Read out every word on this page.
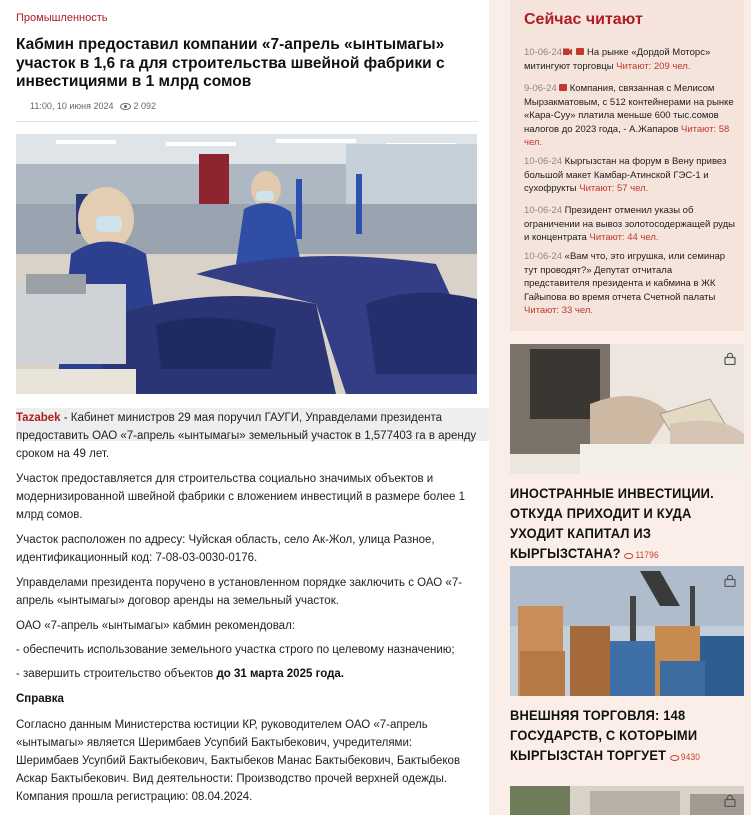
Промышленность
Кабмин предоставил компании «7-апрель «ынтымагы» участок в 1,6 га для строительства швейной фабрики с инвестициями в 1 млрд сомов
11:00, 10 июня 2024 2 092

Tazabek - Кабинет министров 29 мая поручил ГАУГИ, Управделами президента предоставить ОАО «7-апрель «ынтымагы» земельный участок в 1,577403 га в аренду сроком на 49 лет.

Участок предоставляется для строительства социально значимых объектов и модернизированной швейной фабрики с вложением инвестиций в размере более 1 млрд сомов.

Участок расположен по адресу: Чуйская область, село Ак-Жол, улица Разное, идентификационный код: 7-08-03-0030-0176.

Управделами президента поручено в установленном порядке заключить с ОАО «7-апрель «ынтымагы» договор аренды на земельный участок.

ОАО «7-апрель «ынтымагы» кабмин рекомендовал:

- обеспечить использование земельного участка строго по целевому назначению;

- завершить строительство объектов до 31 марта 2025 года.

Справка

Согласно данным Министерства юстиции КР, руководителем ОАО «7-апрель «ынтымагы» является Шеримбаев Усупбий Бактыбекович, учредителями: Шеримбаев Усупбий Бактыбекович, Бактыбеков Манас Бактыбекович, Бактыбеков Аскар Бактыбекович. Вид деятельности: Производство прочей верхней одежды. Компания прошла регистрацию: 08.04.2024.

Сейчас читают
10-06-24	На рынке «Дордой Моторс» митингуют торговцы Читают: 209 чел.
9-06-24 Компания, связанная с Мелисом Мырзакматовым, с 512 контейнерами на рынке «Кара-Суу» платила меньше 600 тыс.сомов налогов до 2023 года, - А.Жапаров Читают: 58 чел.
10-06-24 Кыргызстан на форум в Вену привез большой макет Камбар-Атинской ГЭС-1 и сухофрукты Читают: 57 чел.
10-06-24 Президент отменил указы об ограничении на вывоз золотосодержащей руды и концентрата Читают: 44 чел.
10-06-24 «Вам что, это игрушка, или семинар тут проводят?» Депутат отчитала представителя президента и кабмина в ЖК Гайыпова во время отчета Счетной палаты Читают: 33 чел.
ИНОСТРАННЫЕ ИНВЕСТИЦИИ. ОТКУДА ПРИХОДИТ И КУДА УХОДИТ КАПИТАЛ ИЗ КЫРГЫЗСТАНА? 11796
ВНЕШНЯЯ ТОРГОВЛЯ: 148 ГОСУДАРСТВ, С КОТОРЫМИ КЫРГЫЗСТАН ТОРГУЕТ 9430
